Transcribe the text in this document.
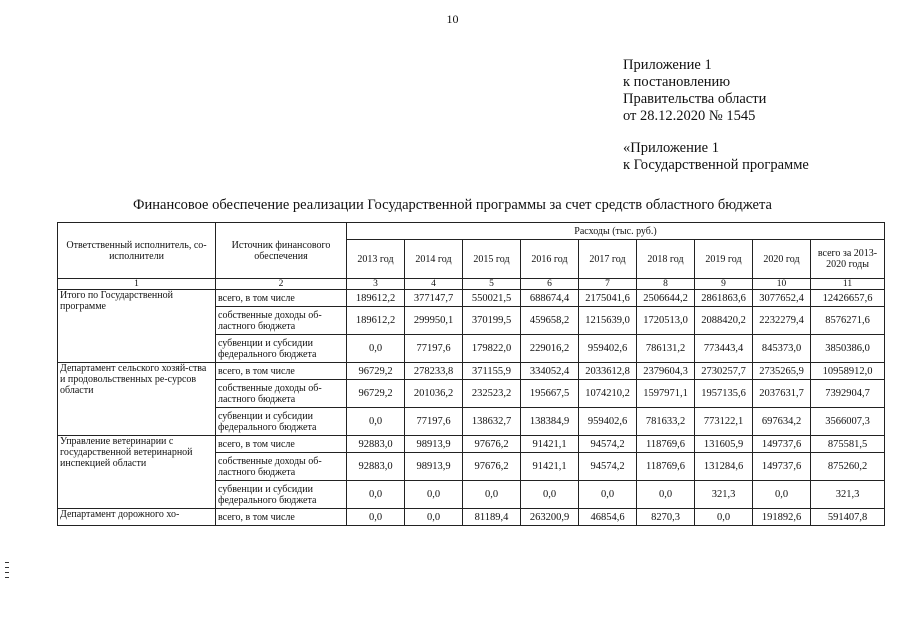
10
Приложение 1
к постановлению
Правительства области
от 28.12.2020 № 1545
«Приложение 1
к Государственной программе
Финансовое обеспечение реализации Государственной программы за счет средств областного бюджета
Ответственный исполнитель, со-исполнители	Источник финансового обеспечения	Расходы (тыс. руб.)								
		2013 год	2014 год	2015 год	2016 год	2017 год	2018 год	2019 год	2020 год	всего за 2013-2020 годы
1	2	3	4	5	6	7	8	9	10	11
Итого по Государственной программе	всего, в том числе	189612,2	377147,7	550021,5	688674,4	2175041,6	2506644,2	2861863,6	3077652,4	12426657,6
	собственные доходы об-ластного бюджета	189612,2	299950,1	370199,5	459658,2	1215639,0	1720513,0	2088420,2	2232279,4	8576271,6
	субвенции и субсидии федерального бюджета	0,0	77197,6	179822,0	229016,2	959402,6	786131,2	773443,4	845373,0	3850386,0
Департамент сельского хозяй-ства и продовольственных ре-сурсов области	всего, в том числе	96729,2	278233,8	371155,9	334052,4	2033612,8	2379604,3	2730257,7	2735265,9	10958912,0
	собственные доходы об-ластного бюджета	96729,2	201036,2	232523,2	195667,5	1074210,2	1597971,1	1957135,6	2037631,7	7392904,7
	субвенции и субсидии федерального бюджета	0,0	77197,6	138632,7	138384,9	959402,6	781633,2	773122,1	697634,2	3566007,3
Управление ветеринарии с государственной ветеринарной инспекцией области	всего, в том числе	92883,0	98913,9	97676,2	91421,1	94574,2	118769,6	131605,9	149737,6	875581,5
	собственные доходы об-ластного бюджета	92883,0	98913,9	97676,2	91421,1	94574,2	118769,6	131284,6	149737,6	875260,2
	субвенции и субсидии федерального бюджета	0,0	0,0	0,0	0,0	0,0	0,0	321,3	0,0	321,3
Департамент дорожного хо-	всего, в том числе	0,0	0,0	81189,4	263200,9	46854,6	8270,3	0,0	191892,6	591407,8
